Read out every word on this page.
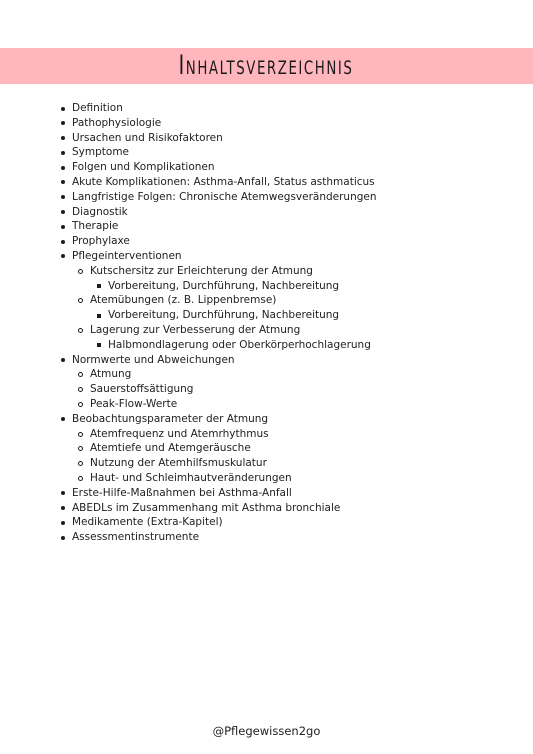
Inhaltsverzeichnis
Definition
Pathophysiologie
Ursachen und Risikofaktoren
Symptome
Folgen und Komplikationen
Akute Komplikationen: Asthma-Anfall, Status asthmaticus
Langfristige Folgen: Chronische Atemwegsveränderungen
Diagnostik
Therapie
Prophylaxe
Pflegeinterventionen
Kutschersitz zur Erleichterung der Atmung
Vorbereitung, Durchführung, Nachbereitung
Atemübungen (z. B. Lippenbremse)
Vorbereitung, Durchführung, Nachbereitung
Lagerung zur Verbesserung der Atmung
Halbmondlagerung oder Oberkörperhochlagerung
Normwerte und Abweichungen
Atmung
Sauerstoffsättigung
Peak-Flow-Werte
Beobachtungsparameter der Atmung
Atemfrequenz und Atemrhythmus
Atemtiefe und Atemgeräusche
Nutzung der Atemhilfsmuskulatur
Haut- und Schleimhautveränderungen
Erste-Hilfe-Maßnahmen bei Asthma-Anfall
ABEDLs im Zusammenhang mit Asthma bronchiale
Medikamente (Extra-Kapitel)
Assessmentinstrumente
@Pflegewissen2go
